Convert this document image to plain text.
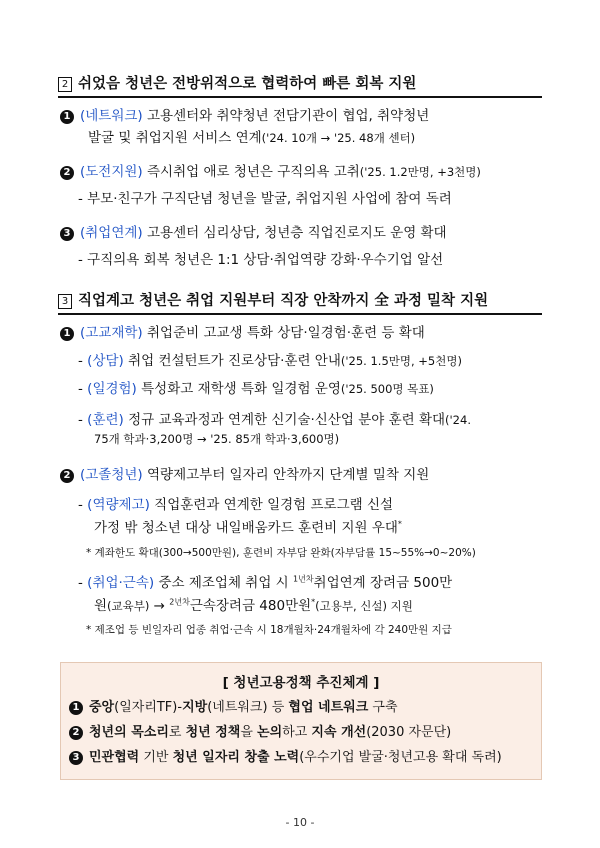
2 쉬었음 청년은 전방위적으로 협력하여 빠른 회복 지원
1 (네트워크) 고용센터와 취약청년 전담기관이 협업, 취약청년
발굴 및 취업지원 서비스 연계('24. 10개 → '25. 48개 센터)
2 (도전지원) 즉시취업 애로 청년은 구직의욕 고취('25. 1.2만명, +3천명)
- 부모·친구가 구직단념 청년을 발굴, 취업지원 사업에 참여 독려
3 (취업연계) 고용센터 심리상담, 청년층 직업진로지도 운영 확대
- 구직의욕 회복 청년은 1:1 상담·취업역량 강화·우수기업 알선
3 직업계고 청년은 취업 지원부터 직장 안착까지 全 과정 밀착 지원
1 (고교재학) 취업준비 고교생 특화 상담·일경험·훈련 등 확대
- (상담) 취업 컨설턴트가 진로상담·훈련 안내('25. 1.5만명, +5천명)
- (일경험) 특성화고 재학생 특화 일경험 운영('25. 500명 목표)
- (훈련) 정규 교육과정과 연계한 신기술·신산업 분야 훈련 확대('24.
75개 학과·3,200명 → '25. 85개 학과·3,600명)
2 (고졸청년) 역량제고부터 일자리 안착까지 단계별 밀착 지원
- (역량제고) 직업훈련과 연계한 일경험 프로그램 신설
가정 밖 청소년 대상 내일배움카드 훈련비 지원 우대*
* 계좌한도 확대(300→500만원), 훈련비 자부담 완화(자부담률 15~55%→0~20%)
- (취업·근속) 중소 제조업체 취업 시 $^{1년차}$취업연계 장려금 500만
원(교육부) → $^{2년차}$근속장려금 480만원*(고용부, 신설) 지원
* 제조업 등 빈일자리 업종 취업·근속 시 18개월차·24개월차에 각 240만원 지급
[ 청년고용정책 추진체계 ]
1 중앙(일자리TF)-지방(네트워크) 등 협업 네트워크 구축
2 청년의 목소리로 청년 정책을 논의하고 지속 개선(2030 자문단)
3 민관협력 기반 청년 일자리 창출 노력(우수기업 발굴·청년고용 확대 독려)
- 10 -
